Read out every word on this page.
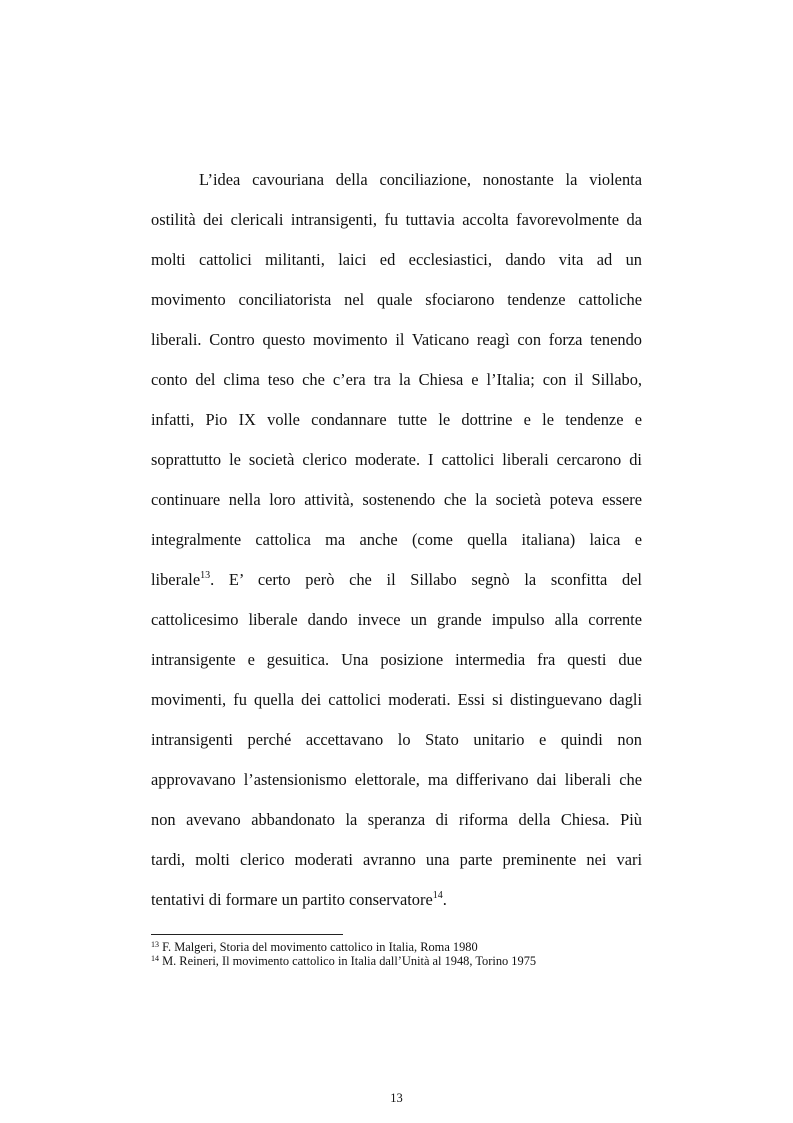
L’idea cavouriana della conciliazione, nonostante la violenta
ostilità dei clericali intransigenti, fu tuttavia accolta favorevolmente da
molti cattolici militanti, laici ed ecclesiastici, dando vita ad un
movimento conciliatorista nel quale sfociarono tendenze cattoliche
liberali. Contro questo movimento il Vaticano reagì con forza tenendo
conto del clima teso che c’era tra la Chiesa e l’Italia; con il Sillabo,
infatti, Pio IX volle condannare tutte le dottrine e le tendenze e
soprattutto le società clerico moderate. I cattolici liberali cercarono di
continuare nella loro attività, sostenendo che la società poteva essere
integralmente cattolica ma anche (come quella italiana) laica e
liberale$^{13}$. E’ certo però che il Sillabo segnò la sconfitta del
cattolicesimo liberale dando invece un grande impulso alla corrente
intransigente e gesuitica. Una posizione intermedia fra questi due
movimenti, fu quella dei cattolici moderati. Essi si distinguevano dagli
intransigenti perché accettavano lo Stato unitario e quindi non
approvavano l’astensionismo elettorale, ma differivano dai liberali che
non avevano abbandonato la speranza di riforma della Chiesa. Più
tardi, molti clerico moderati avranno una parte preminente nei vari
tentativi di formare un partito conservatore$^{14}$.
$^{13}$ F. Malgeri, Storia del movimento cattolico in Italia, Roma 1980
$^{14}$ M. Reineri, Il movimento cattolico in Italia dall’Unità al 1948, Torino 1975
13
